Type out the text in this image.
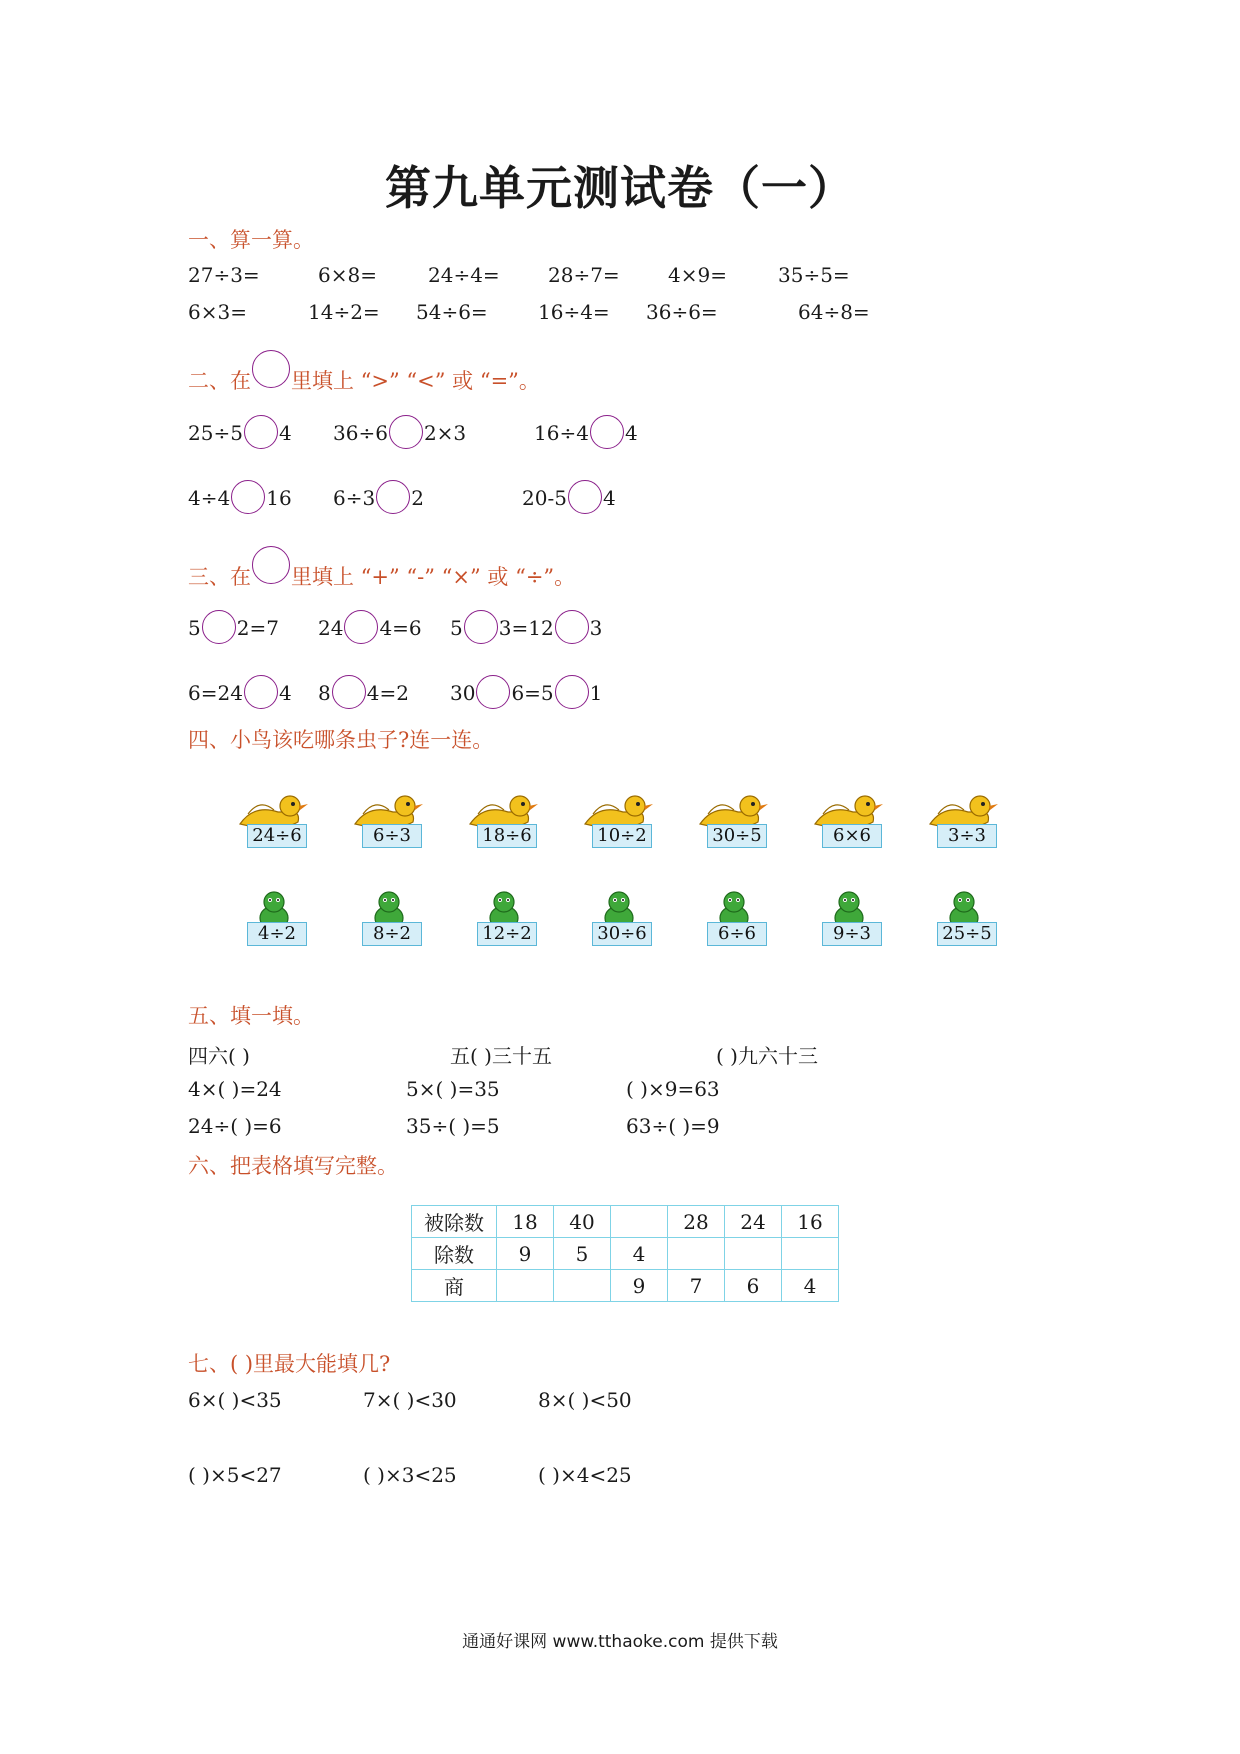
第九单元测试卷（一）
一、算一算。
27÷3=	6×8=	24÷4= 28÷7= 4×9=	35÷5=
6×3=	14÷2= 54÷6=	16÷4= 36÷6=	64÷8=
二、在 里填上 “>” “<” 或 “=”。
25÷5 4 36÷6 2×3	16÷4 4
4÷4 16 6÷3 2	20-5 4
三、在 里填上 “+” “-” “×” 或 “÷”。
5 2=7 24 4=6 5 3=12 3
6=24 4 8 4=2 30 6=5 1
四、小鸟该吃哪条虫子?连一连。
24÷6	6÷3	18÷6	10÷2	30÷5	6×6	3÷3
4÷2	8÷2	12÷2	30÷6	6÷6	9÷3	25÷5
五、填一填。
四六( )	五( )三十五	( )九六十三
4×( )=24	5×( )=35	( )×9=63
24÷( )=6	35÷( )=5	63÷( )=9
六、把表格填写完整。
被除数	18	40		28	24	16
除数	9	5	4			
商			9	7	6	4
七、( )里最大能填几?
6×( )<35	7×( )<30	8×( )<50
( )×5<27	( )×3<25	( )×4<25
通通好课网 www.tthaoke.com 提供下载
